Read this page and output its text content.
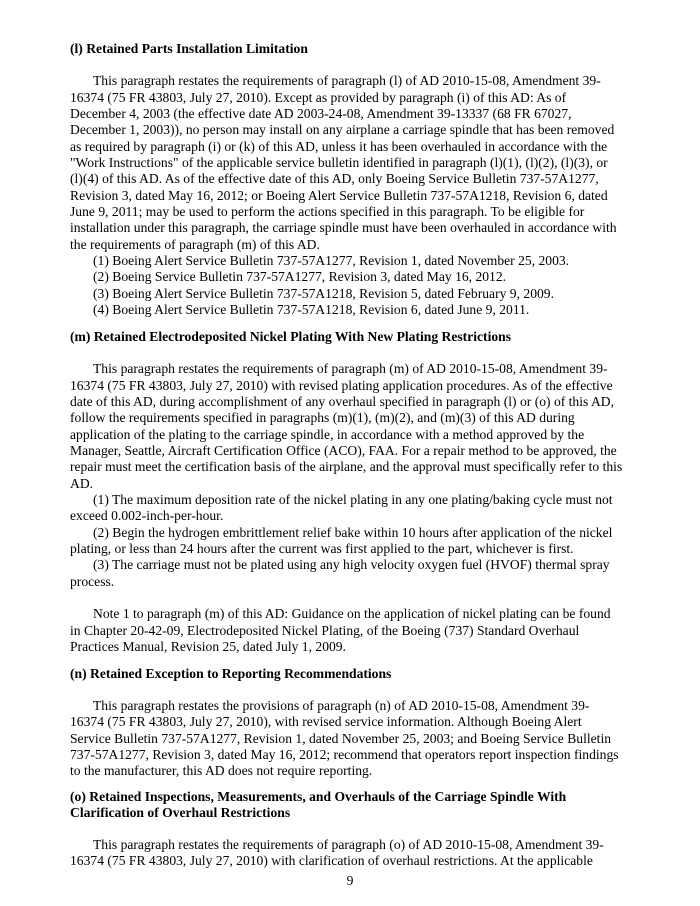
(l) Retained Parts Installation Limitation
This paragraph restates the requirements of paragraph (l) of AD 2010-15-08, Amendment 39-
16374 (75 FR 43803, July 27, 2010). Except as provided by paragraph (i) of this AD: As of
December 4, 2003 (the effective date AD 2003-24-08, Amendment 39-13337 (68 FR 67027,
December 1, 2003)), no person may install on any airplane a carriage spindle that has been removed
as required by paragraph (i) or (k) of this AD, unless it has been overhauled in accordance with the
"Work Instructions" of the applicable service bulletin identified in paragraph (l)(1), (l)(2), (l)(3), or
(l)(4) of this AD. As of the effective date of this AD, only Boeing Service Bulletin 737-57A1277,
Revision 3, dated May 16, 2012; or Boeing Alert Service Bulletin 737-57A1218, Revision 6, dated
June 9, 2011; may be used to perform the actions specified in this paragraph. To be eligible for
installation under this paragraph, the carriage spindle must have been overhauled in accordance with
the requirements of paragraph (m) of this AD.
(1) Boeing Alert Service Bulletin 737-57A1277, Revision 1, dated November 25, 2003.
(2) Boeing Service Bulletin 737-57A1277, Revision 3, dated May 16, 2012.
(3) Boeing Alert Service Bulletin 737-57A1218, Revision 5, dated February 9, 2009.
(4) Boeing Alert Service Bulletin 737-57A1218, Revision 6, dated June 9, 2011.
(m) Retained Electrodeposited Nickel Plating With New Plating Restrictions
This paragraph restates the requirements of paragraph (m) of AD 2010-15-08, Amendment 39-
16374 (75 FR 43803, July 27, 2010) with revised plating application procedures. As of the effective
date of this AD, during accomplishment of any overhaul specified in paragraph (l) or (o) of this AD,
follow the requirements specified in paragraphs (m)(1), (m)(2), and (m)(3) of this AD during
application of the plating to the carriage spindle, in accordance with a method approved by the
Manager, Seattle, Aircraft Certification Office (ACO), FAA. For a repair method to be approved, the
repair must meet the certification basis of the airplane, and the approval must specifically refer to this
AD.
(1) The maximum deposition rate of the nickel plating in any one plating/baking cycle must not
exceed 0.002-inch-per-hour.
(2) Begin the hydrogen embrittlement relief bake within 10 hours after application of the nickel
plating, or less than 24 hours after the current was first applied to the part, whichever is first.
(3) The carriage must not be plated using any high velocity oxygen fuel (HVOF) thermal spray
process.
Note 1 to paragraph (m) of this AD: Guidance on the application of nickel plating can be found
in Chapter 20-42-09, Electrodeposited Nickel Plating, of the Boeing (737) Standard Overhaul
Practices Manual, Revision 25, dated July 1, 2009.
(n) Retained Exception to Reporting Recommendations
This paragraph restates the provisions of paragraph (n) of AD 2010-15-08, Amendment 39-
16374 (75 FR 43803, July 27, 2010), with revised service information. Although Boeing Alert
Service Bulletin 737-57A1277, Revision 1, dated November 25, 2003; and Boeing Service Bulletin
737-57A1277, Revision 3, dated May 16, 2012; recommend that operators report inspection findings
to the manufacturer, this AD does not require reporting.
(o) Retained Inspections, Measurements, and Overhauls of the Carriage Spindle With
Clarification of Overhaul Restrictions
This paragraph restates the requirements of paragraph (o) of AD 2010-15-08, Amendment 39-
16374 (75 FR 43803, July 27, 2010) with clarification of overhaul restrictions. At the applicable
9
